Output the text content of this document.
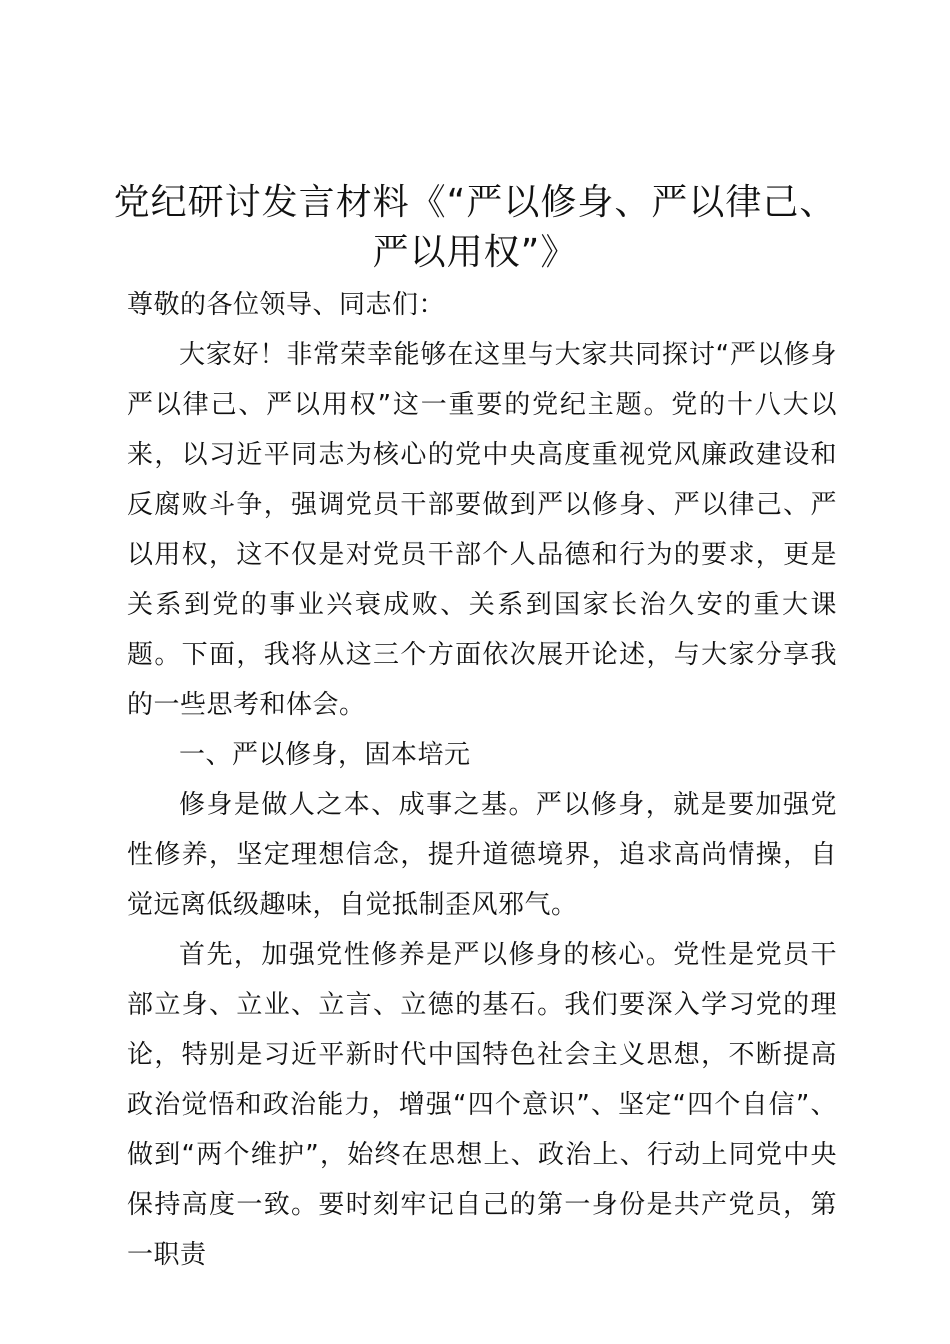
党纪研讨发言材料《“严以修身、严以律己、
严以用权”》

尊敬的各位领导、同志们：

大家好！非常荣幸能够在这里与大家共同探讨“严以修身严以律己、严以用权”这一重要的党纪主题。党的十八大以来，以习近平同志为核心的党中央高度重视党风廉政建设和反腐败斗争，强调党员干部要做到严以修身、严以律己、严以用权，这不仅是对党员干部个人品德和行为的要求，更是关系到党的事业兴衰成败、关系到国家长治久安的重大课题。下面，我将从这三个方面依次展开论述，与大家分享我的一些思考和体会。

一、严以修身，固本培元

修身是做人之本、成事之基。严以修身，就是要加强党性修养，坚定理想信念，提升道德境界，追求高尚情操，自觉远离低级趣味，自觉抵制歪风邪气。

首先，加强党性修养是严以修身的核心。党性是党员干部立身、立业、立言、立德的基石。我们要深入学习党的理论，特别是习近平新时代中国特色社会主义思想，不断提高政治觉悟和政治能力，增强“四个意识”、坚定“四个自信”、做到“两个维护”，始终在思想上、政治上、行动上同党中央保持高度一致。要时刻牢记自己的第一身份是共产党员，第一职责
